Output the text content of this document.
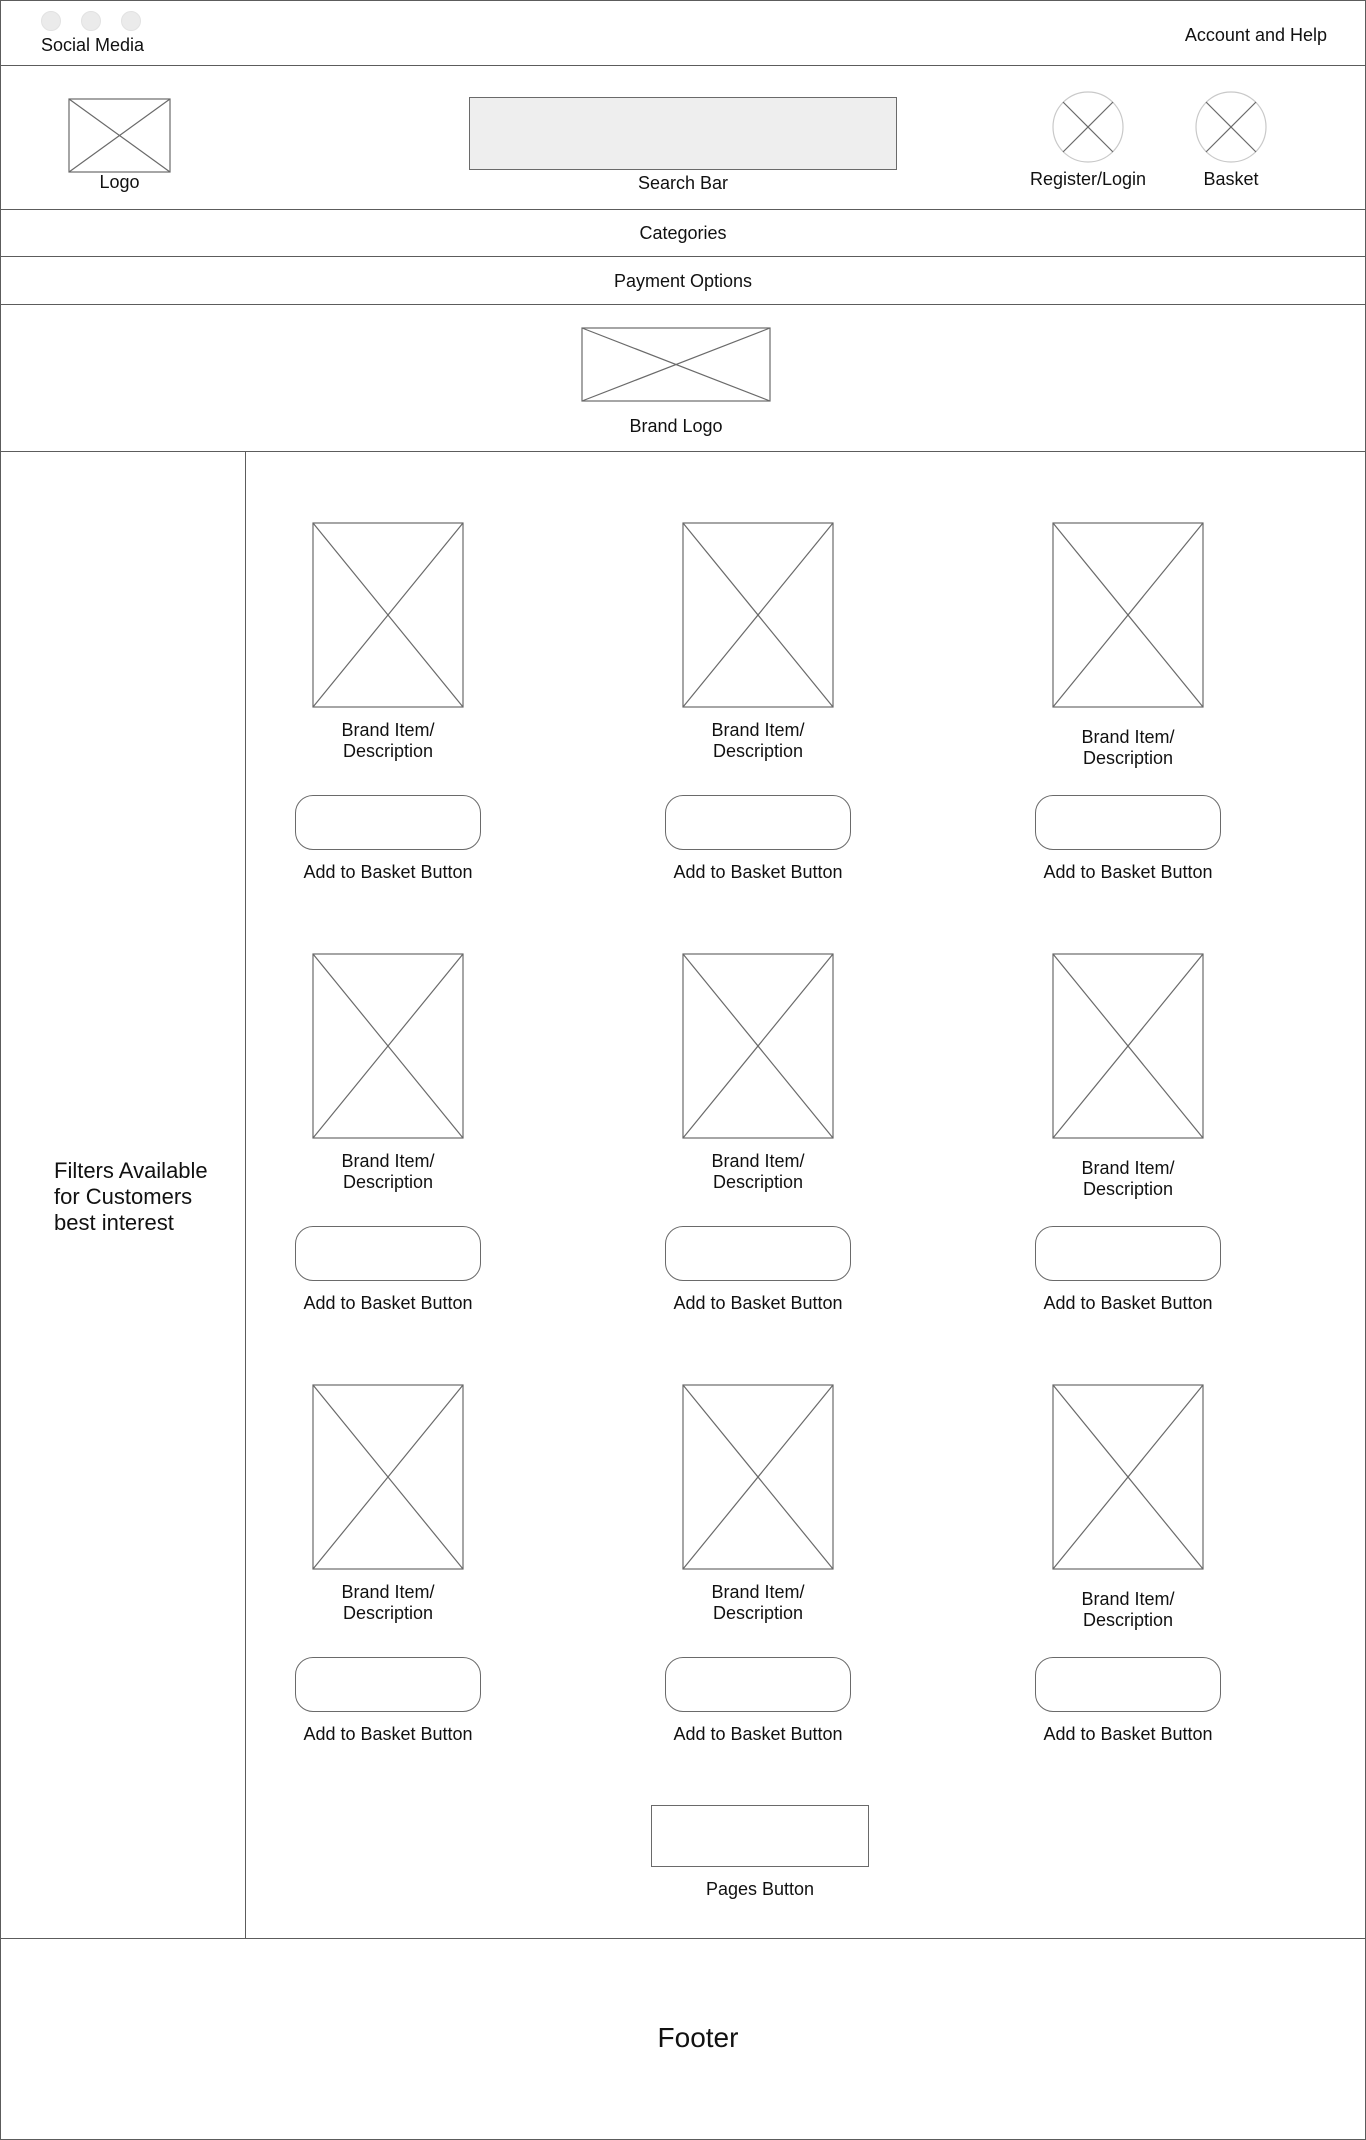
Social Media	Account and Help
Logo	Search Bar	Register/Login	Basket
Categories
Payment Options
Brand Logo
Filters Available for Customers best interest
Brand Item/
Description
Add to Basket Button
Brand Item/
Description
Add to Basket Button
Brand Item/
Description
Add to Basket Button
Brand Item/
Description
Add to Basket Button
Brand Item/
Description
Add to Basket Button
Brand Item/
Description
Add to Basket Button
Brand Item/
Description
Add to Basket Button
Brand Item/
Description
Add to Basket Button
Brand Item/
Description
Add to Basket Button
Pages Button
Footer
